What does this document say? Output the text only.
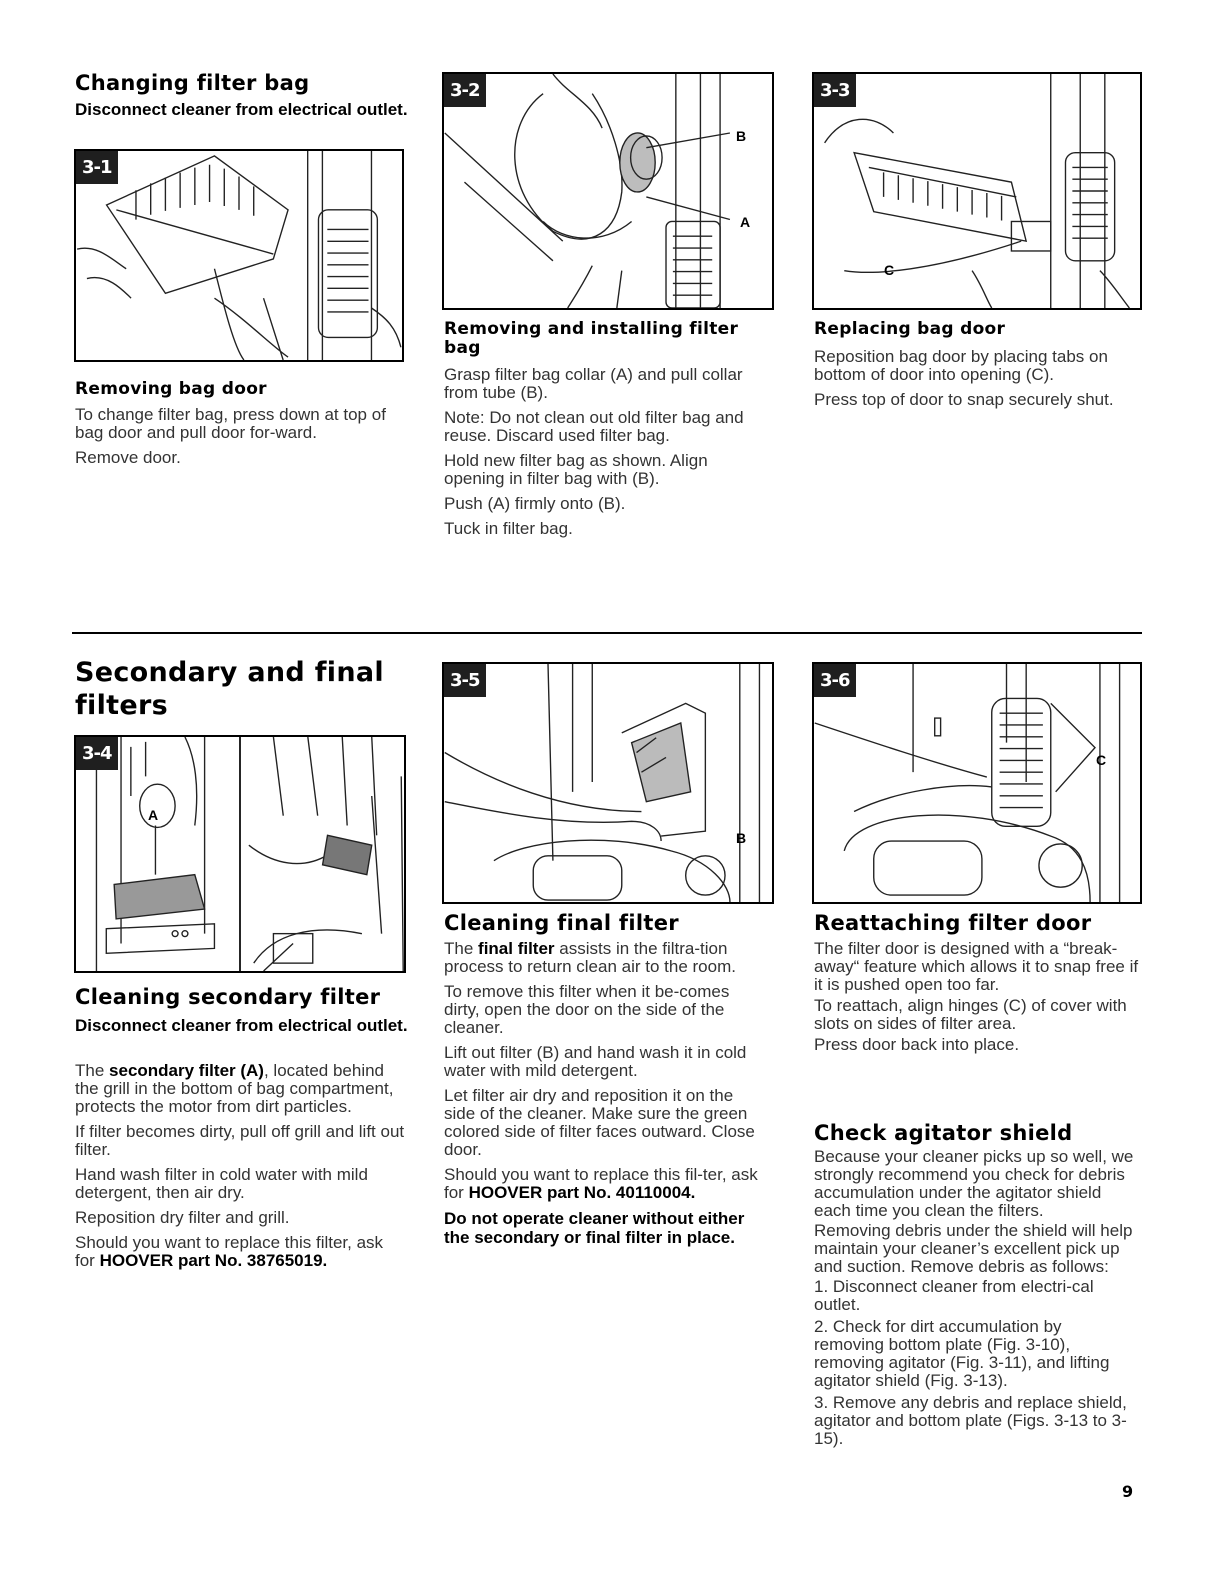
Changing filter bag

Disconnect cleaner from electrical outlet.

3-1
Removing bag door

To change filter bag, press down at top of bag door and pull door for-ward.

Remove door.

3-2
B
A
Removing and installing filter bag

Grasp filter bag collar (A) and pull collar from tube (B).

Note: Do not clean out old filter bag and reuse. Discard used filter bag.

Hold new filter bag as shown. Align opening in filter bag with (B).

Push (A) firmly onto (B).

Tuck in filter bag.

3-3
C
Replacing bag door

Reposition bag door by placing tabs on bottom of door into opening (C).

Press top of door to snap securely shut.

Secondary and final filters
3-4
A
Cleaning secondary filter

Disconnect cleaner from electrical outlet.

The secondary filter (A), located behind the grill in the bottom of bag compartment, protects the motor from dirt particles.

If filter becomes dirty, pull off grill and lift out filter.

Hand wash filter in cold water with mild detergent, then air dry.

Reposition dry filter and grill.

Should you want to replace this filter, ask for HOOVER part No. 38765019.

3-5
B
Cleaning final filter

The final filter assists in the filtra-tion process to return clean air to the room.

To remove this filter when it be-comes dirty, open the door on the side of the cleaner.

Lift out filter (B) and hand wash it in cold water with mild detergent.

Let filter air dry and reposition it on the side of the cleaner. Make sure the green colored side of filter faces outward. Close door.

Should you want to replace this fil-ter, ask for HOOVER part No. 40110004.

Do not operate cleaner without either the secondary or final filter in place.

3-6
C
Reattaching filter door

The filter door is designed with a “break-away“ feature which allows it to snap free if it is pushed open too far.

To reattach, align hinges (C) of cover with slots on sides of filter area.

Press door back into place.

Check agitator shield

Because your cleaner picks up so well, we strongly recommend you check for debris accumulation under the agitator shield each time you clean the filters.

Removing debris under the shield will help maintain your cleaner’s excellent pick up and suction. Remove debris as follows:

1. Disconnect cleaner from electri-cal outlet.

2. Check for dirt accumulation by removing bottom plate (Fig. 3-10), removing agitator (Fig. 3-11), and lifting agitator shield (Fig. 3-13).

3. Remove any debris and replace shield, agitator and bottom plate (Figs. 3-13 to 3-15).

9
